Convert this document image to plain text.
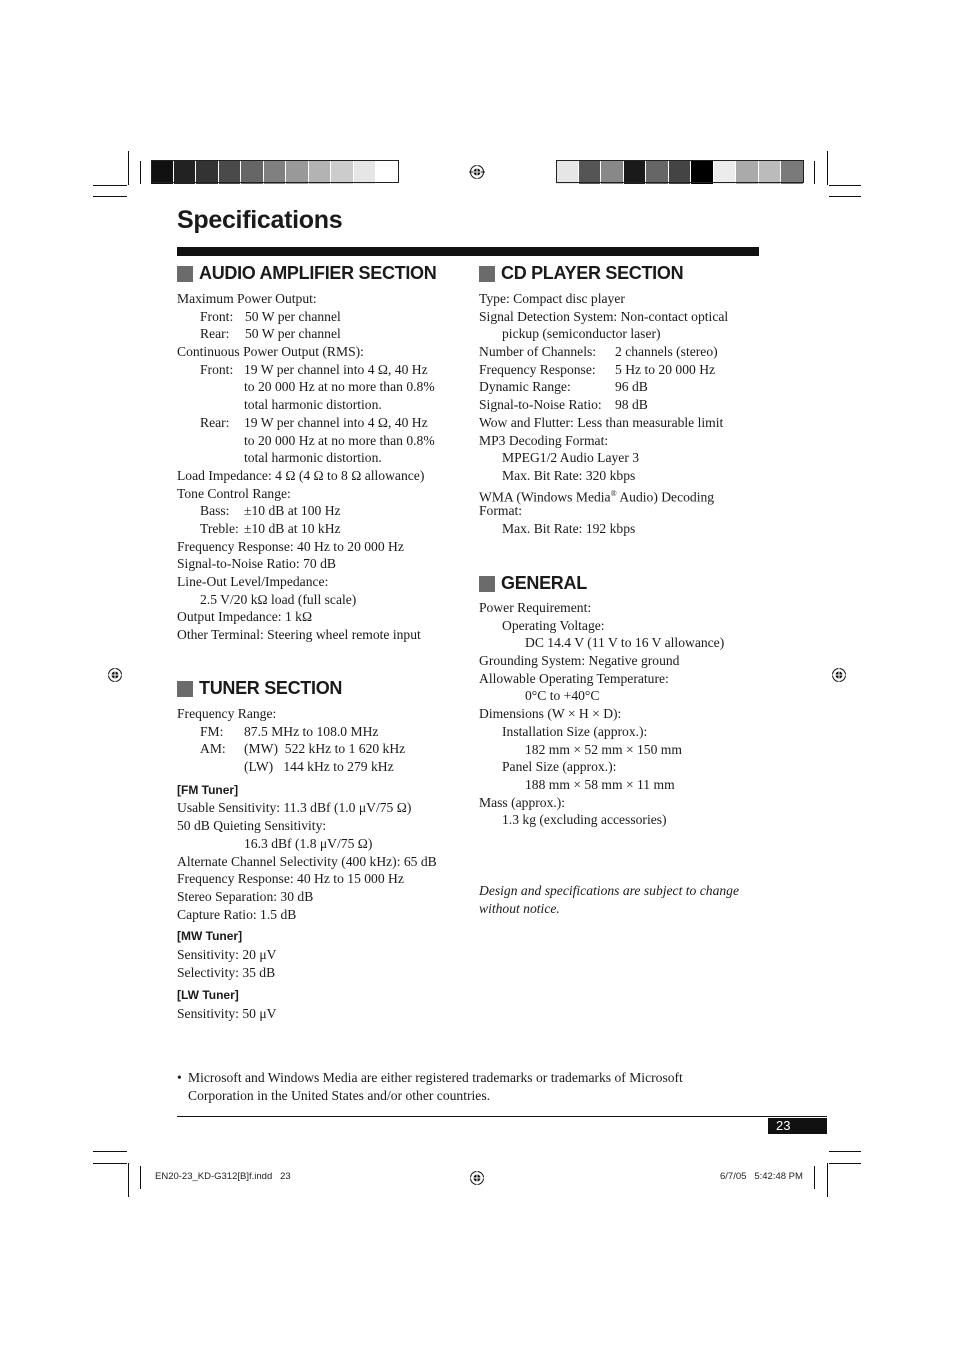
Specifications
AUDIO AMPLIFIER SECTION
Maximum Power Output:
Front: 50 W per channel
Rear: 50 W per channel
Continuous Power Output (RMS):
Front: 19 W per channel into 4 Ω, 40 Hz
to 20 000 Hz at no more than 0.8%
total harmonic distortion.
Rear: 19 W per channel into 4 Ω, 40 Hz
to 20 000 Hz at no more than 0.8%
total harmonic distortion.
Load Impedance: 4 Ω (4 Ω to 8 Ω allowance)
Tone Control Range:
Bass: ±10 dB at 100 Hz
Treble: ±10 dB at 10 kHz
Frequency Response: 40 Hz to 20 000 Hz
Signal-to-Noise Ratio: 70 dB
Line-Out Level/Impedance:
2.5 V/20 kΩ load (full scale)
Output Impedance: 1 kΩ
Other Terminal: Steering wheel remote input
TUNER SECTION
Frequency Range:
FM: 87.5 MHz to 108.0 MHz
AM: (MW)  522 kHz to 1 620 kHz
(LW)   144 kHz to 279 kHz
[FM Tuner]
Usable Sensitivity: 11.3 dBf (1.0 μV/75 Ω)
50 dB Quieting Sensitivity:
16.3 dBf (1.8 μV/75 Ω)
Alternate Channel Selectivity (400 kHz): 65 dB
Frequency Response: 40 Hz to 15 000 Hz
Stereo Separation: 30 dB
Capture Ratio: 1.5 dB
[MW Tuner]
Sensitivity: 20 μV
Selectivity: 35 dB
[LW Tuner]
Sensitivity: 50 μV
CD PLAYER SECTION
Type: Compact disc player
Signal Detection System: Non-contact optical
pickup (semiconductor laser)
Number of Channels: 2 channels (stereo)
Frequency Response: 5 Hz to 20 000 Hz
Dynamic Range:	96 dB
Signal-to-Noise Ratio: 98 dB
Wow and Flutter: Less than measurable limit
MP3 Decoding Format:
MPEG1/2 Audio Layer 3
Max. Bit Rate: 320 kbps
WMA (Windows Media® Audio) Decoding
Format:
Max. Bit Rate: 192 kbps
GENERAL
Power Requirement:
Operating Voltage:
DC 14.4 V (11 V to 16 V allowance)
Grounding System: Negative ground
Allowable Operating Temperature:
0°C to +40°C
Dimensions (W × H × D):
Installation Size (approx.):
182 mm × 52 mm × 150 mm
Panel Size (approx.):
188 mm × 58 mm × 11 mm
Mass (approx.):
1.3 kg (excluding accessories)
Design and specifications are subject to change
without notice.
• Microsoft and Windows Media are either registered trademarks or trademarks of Microsoft
Corporation in the United States and/or other countries.
23
EN20-23_KD-G312[B]f.indd   23	6/7/05   5:42:48 PM
